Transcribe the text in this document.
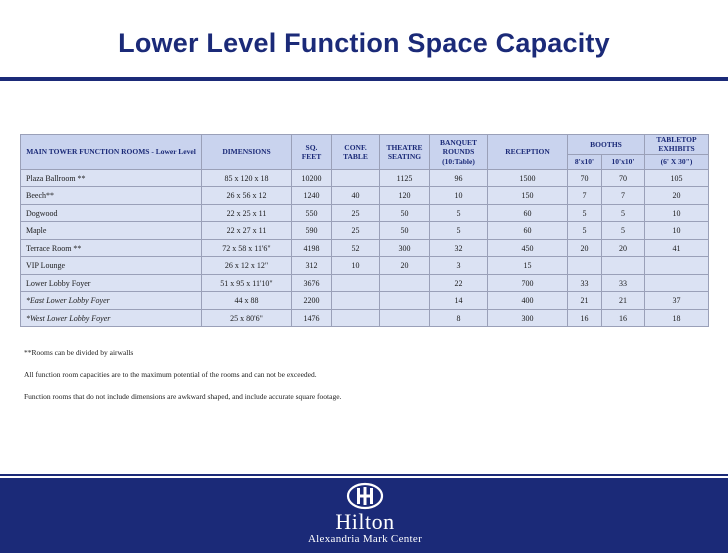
Lower Level Function Space Capacity
MAIN TOWER FUNCTION ROOMS - Lower Level	DIMENSIONS	SQ. FEET	CONF. TABLE	THEATRE SEATING	BANQUET ROUNDS (10:Table)	RECEPTION	BOOTHS		TABLETOP EXHIBITS
							8'x10'	10'x10'	(6' X 30")
Plaza Ballroom **	85 x 120 x 18	10200		1125	96	1500	70	70	105
Beech**	26 x 56 x 12	1240	40	120	10	150	7	7	20
Dogwood	22 x 25 x 11	550	25	50	5	60	5	5	10
Maple	22 x 27 x 11	590	25	50	5	60	5	5	10
Terrace Room **	72 x 58 x 11'6"	4198	52	300	32	450	20	20	41
VIP Lounge	26 x 12 x 12"	312	10	20	3	15			
Lower Lobby Foyer	51 x 95 x 11'10"	3676			22	700	33	33	
*East Lower Lobby Foyer	44 x 88	2200			14	400	21	21	37
*West Lower Lobby Foyer	25 x 80'6"	1476			8	300	16	16	18

**Rooms can be divided by airwalls

All function room capacities are to the maximum potential of the rooms and can not be exceeded.

Function rooms that do not include dimensions are awkward shaped, and include accurate square footage.

Hilton
Alexandria Mark Center
